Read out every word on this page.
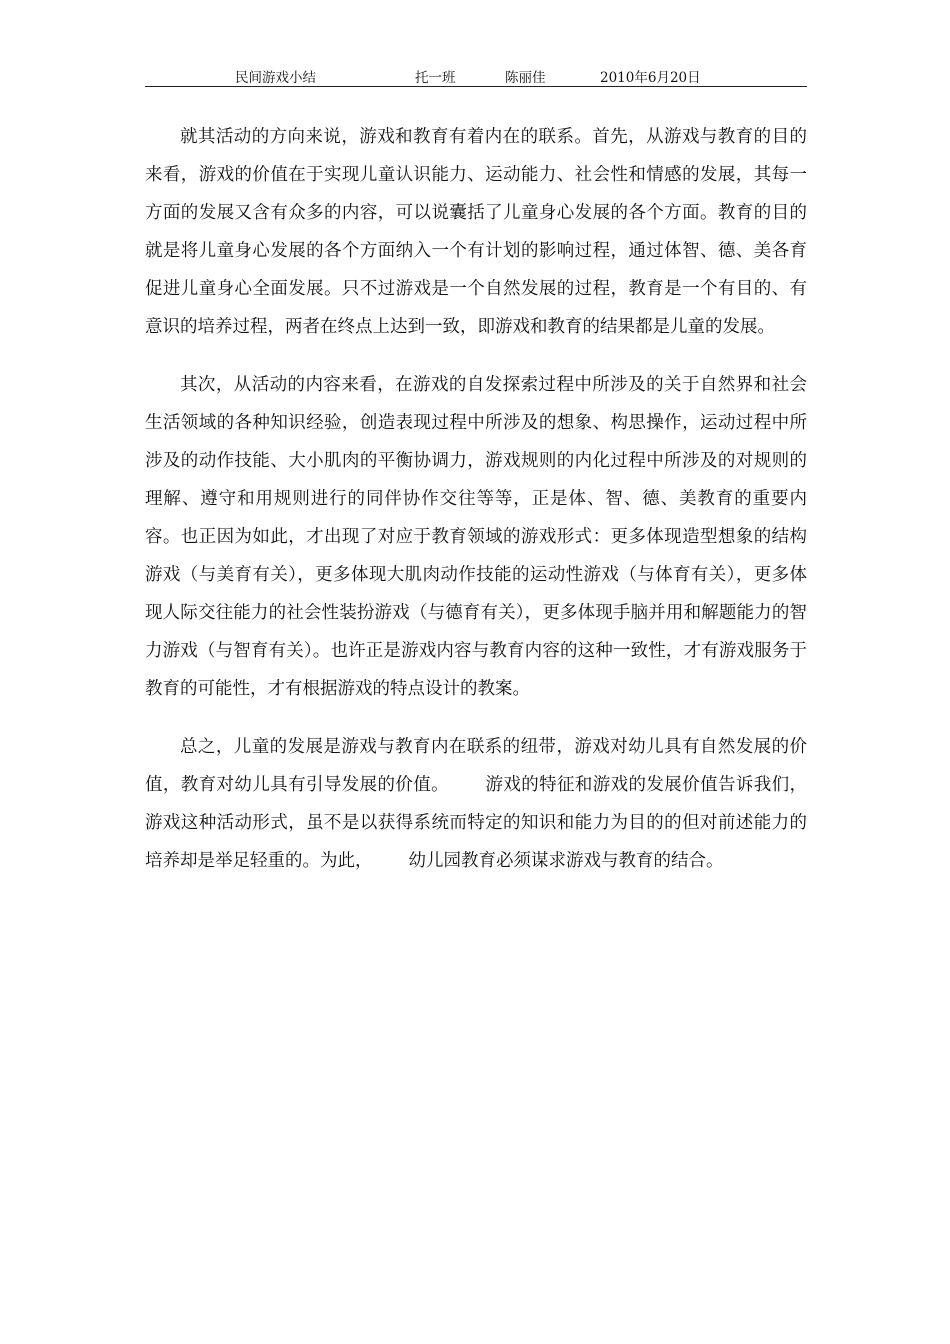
民间游戏小结	托一班	陈丽佳	2010年6月20日

就其活动的方向来说，游戏和教育有着内在的联系。首先，从游戏与教育的目的来看，游戏的价值在于实现儿童认识能力、运动能力、社会性和情感的发展，其每一方面的发展又含有众多的内容，可以说囊括了儿童身心发展的各个方面。教育的目的就是将儿童身心发展的各个方面纳入一个有计划的影响过程，通过体智、德、美各育促进儿童身心全面发展。只不过游戏是一个自然发展的过程，教育是一个有目的、有意识的培养过程，两者在终点上达到一致，即游戏和教育的结果都是儿童的发展。

其次，从活动的内容来看，在游戏的自发探索过程中所涉及的关于自然界和社会生活领域的各种知识经验，创造表现过程中所涉及的想象、构思操作，运动过程中所涉及的动作技能、大小肌肉的平衡协调力，游戏规则的内化过程中所涉及的对规则的理解、遵守和用规则进行的同伴协作交往等等，正是体、智、德、美教育的重要内容。也正因为如此，才出现了对应于教育领域的游戏形式：更多体现造型想象的结构游戏（与美育有关），更多体现大肌肉动作技能的运动性游戏（与体育有关），更多体现人际交往能力的社会性装扮游戏（与德育有关），更多体现手脑并用和解题能力的智力游戏（与智育有关）。也许正是游戏内容与教育内容的这种一致性，才有游戏服务于教育的可能性，才有根据游戏的特点设计的教案。

总之，儿童的发展是游戏与教育内在联系的纽带，游戏对幼儿具有自然发展的价值，教育对幼儿具有引导发展的价值。 游戏的特征和游戏的发展价值告诉我们，游戏这种活动形式，虽不是以获得系统而特定的知识和能力为目的的但对前述能力的培养却是举足轻重的。为此， 幼儿园教育必须谋求游戏与教育的结合。
